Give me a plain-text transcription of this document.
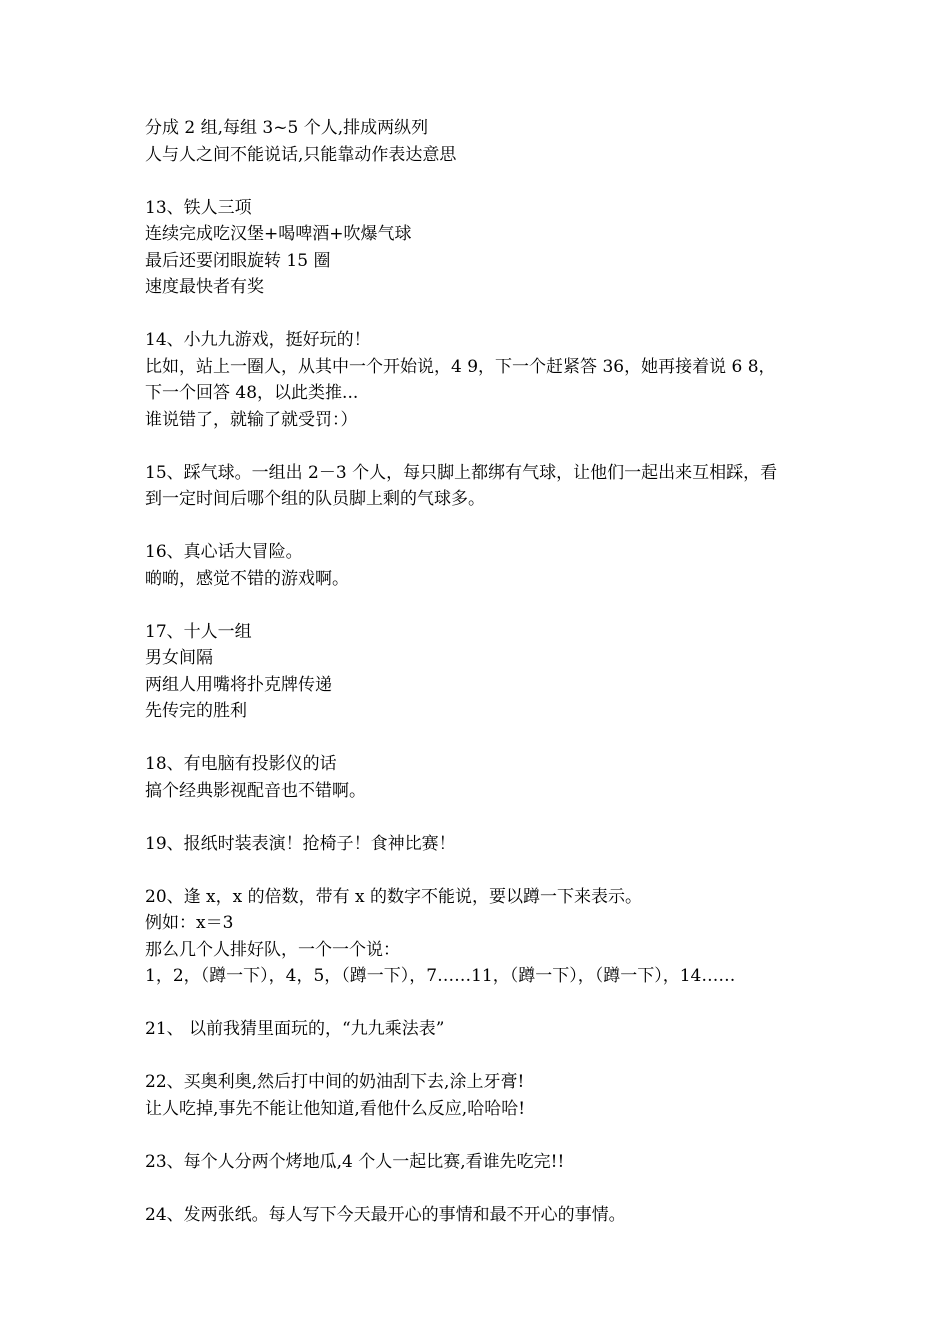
分成 2 组,每组 3~5 个人,排成两纵列
人与人之间不能说话,只能靠动作表达意思
13、铁人三项
连续完成吃汉堡+喝啤酒+吹爆气球
最后还要闭眼旋转 15 圈
速度最快者有奖
14、小九九游戏，挺好玩的！
比如，站上一圈人，从其中一个开始说，4 9，下一个赶紧答 36，她再接着说 6 8，
下一个回答 48，以此类推...
谁说错了，就输了就受罚：）
15、踩气球。一组出 2－3 个人，每只脚上都绑有气球，让他们一起出来互相踩，看
到一定时间后哪个组的队员脚上剩的气球多。
16、真心话大冒险。
啲啲，感觉不错的游戏啊。
17、十人一组
男女间隔
两组人用嘴将扑克牌传递
先传完的胜利
18、有电脑有投影仪的话
搞个经典影视配音也不错啊。
19、报纸时装表演！抢椅子！食神比赛！
20、逢 x，x 的倍数，带有 x 的数字不能说，要以蹲一下来表示。
例如：x＝3
那么几个人排好队，一个一个说：
1，2，（蹲一下），4，5，（蹲一下），7……11，（蹲一下），（蹲一下），14……
21、 以前我猜里面玩的，“九九乘法表”
22、买奥利奥,然后打中间的奶油刮下去,涂上牙膏!
让人吃掉,事先不能让他知道,看他什么反应,哈哈哈!
23、每个人分两个烤地瓜,4 个人一起比赛,看谁先吃完!!
24、发两张纸。每人写下今天最开心的事情和最不开心的事情。
